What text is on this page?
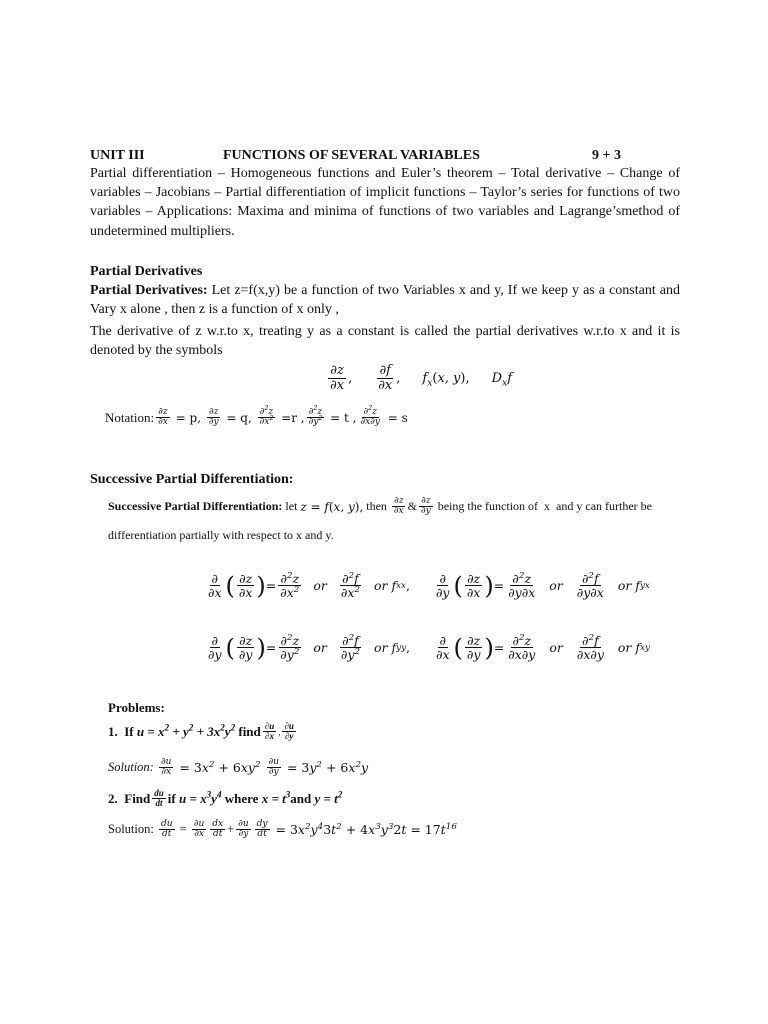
UNIT III	FUNCTIONS OF SEVERAL VARIABLES	9 + 3
Partial differentiation – Homogeneous functions and Euler’s theorem – Total derivative – Change of variables – Jacobians – Partial differentiation of implicit functions – Taylor’s series for functions of two variables – Applications: Maxima and minima of functions of two variables and Lagrange’smethod of undetermined multipliers.
Partial Derivatives
Partial Derivatives: Let z=f(x,y) be a function of two Variables x and y, If we keep y as a constant and Vary x alone , then z is a function of x only ,
The derivative of z w.r.to x, treating y as a constant is called the partial derivatives w.r.to x and it is denoted by the symbols
$\frac{\partial z}{\partial x}$ , $\frac{\partial f}{\partial x}$ , $f_x(x$, y), $D_xf$
Notation: $\frac{\partial z}{\partial x} = p$, $\frac{\partial z}{\partial y} = q$, $\frac{\partial^2z}{\partial x^2} =r$ , $\frac{\partial^2z}{\partial y^2} = t$ , $\frac{\partial^2z}{\partial x\partial y} = s$
Successive Partial Differentiation:
Successive Partial Differentiation: let z = f(x, y), then $\frac{\partial z}{\partial x}$ & $\frac{\partial z}{\partial y}$ being the function of  x  and y can further be
differentiation partially with respect to x and y.
$\frac{\partial}{\partial x}$ ( $\frac{\partial z}{\partial x}$ ) = $\frac{\partial^2z}{\partial x^2}$ or $\frac{\partial^2f}{\partial x^2}$ or f xx , $\frac{\partial}{\partial y}$ ( $\frac{\partial z}{\partial x}$ ) = $\frac{\partial^2z}{\partial y\partial x}$ or $\frac{\partial^2f}{\partial y\partial x}$ or f yx
$\frac{\partial}{\partial y}$ ( $\frac{\partial z}{\partial y}$ ) = $\frac{\partial^2z}{\partial y^2}$ or $\frac{\partial^2f}{\partial y^2}$ or f yy , $\frac{\partial}{\partial x}$ ( $\frac{\partial z}{\partial y}$ ) = $\frac{\partial^2z}{\partial x\partial y}$ or $\frac{\partial^2f}{\partial x\partial y}$ or f xy
Problems:
1.
If
$u = x^2 + y^2 + 3x^2y^2$
find $\frac{\partial u}{\partial x}$ , $\frac{\partial u}{\partial y}$
Solution:
$\frac{\partial u}{\partial x} = 3x^2 + 6xy^2 \frac{\partial u}{\partial y} = 3y^2 + 6x^2y$
2.
Find $\frac{du}{dt}$ if
$u = x^3y^4$
where
$x = t^3$ and
$y = t^2$
Solution:
$\frac{du}{dt} = \frac{\partial u}{\partial x} \frac{dx}{dt} + \frac{\partial u}{\partial y} \frac{dy}{dt} = 3x^2y^43t^2 + 4x^3y^32t = 17t^{16}$
